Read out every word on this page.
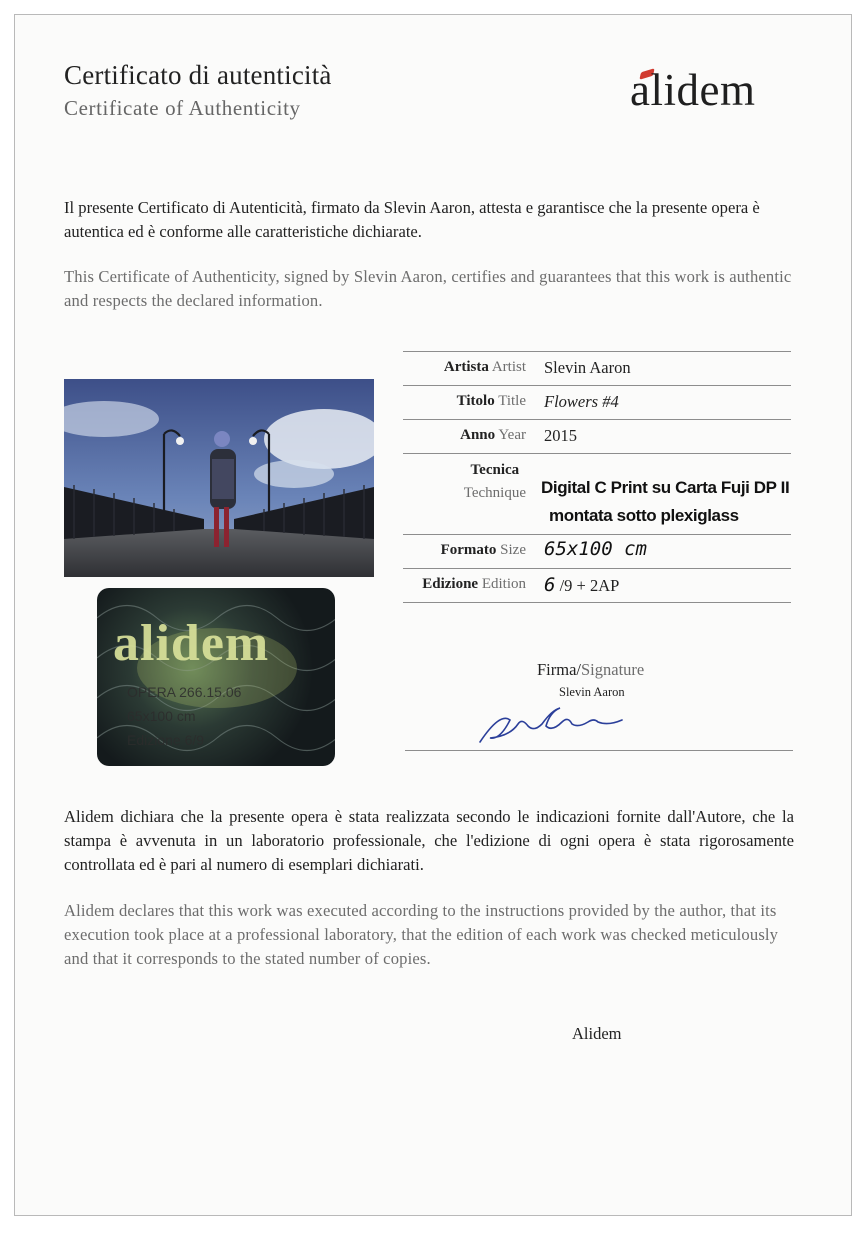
Certificato di autenticità
Certificate of Authenticity	alidem
Il presente Certificato di Autenticità, firmato da Slevin Aaron, attesta e garantisce che la presente opera è autentica ed è conforme alle caratteristiche dichiarate.
This Certificate of Authenticity, signed by Slevin Aaron, certifies and guarantees that this work is authentic and respects the declared information.
alidem
OPERA 266.15.06
65x100 cm
Edizione 6/9
Artista Artist Slevin Aaron
Titolo Title Flowers #4
Anno Year 2015
Tecnica
Technique Digital C Print su Carta Fuji DP II
montata sotto plexiglass
Formato Size 65x100 cm
Edizione Edition 6 /9 + 2AP
Firma/Signature
Slevin Aaron
Alidem dichiara che la presente opera è stata realizzata secondo le indicazioni fornite dall'Autore, che la stampa è avvenuta in un laboratorio professionale, che l'edizione di ogni opera è stata rigorosamente controllata ed è pari al numero di esemplari dichiarati.
Alidem declares that this work was executed according to the instructions provided by the author, that its execution took place at a professional laboratory, that the edition of each work was checked meticulously and that it corresponds to the stated number of copies.
Alidem
